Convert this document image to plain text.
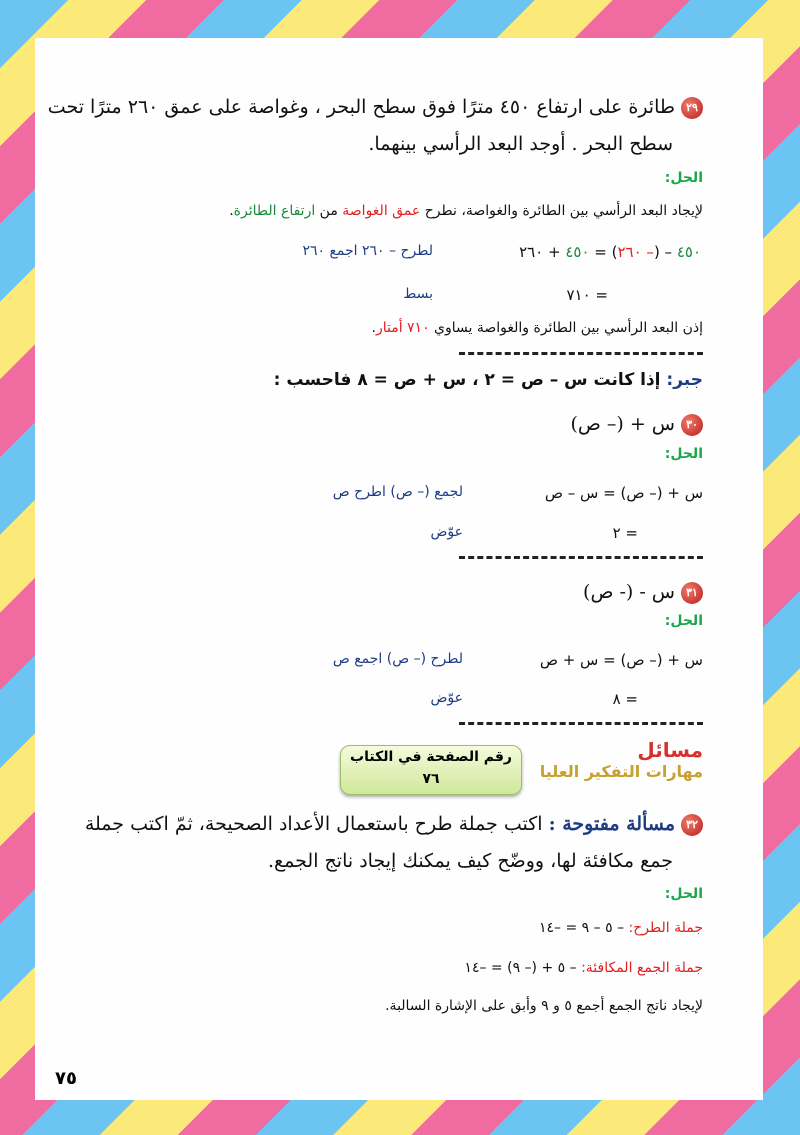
٢٩طائرة على ارتفاع ٤٥٠ مترًا فوق سطح البحر ، وغواصة على عمق ٢٦٠ مترًا تحت
سطح البحر . أوجد البعد الرأسي بينهما.
الحل:
لإيجاد البعد الرأسي بين الطائرة والغواصة، نطرح عمق الغواصة من ارتفاع الطائرة.
٤٥٠ – (– ٢٦٠) = ٤٥٠ + ٢٦٠
لطرح – ٢٦٠ اجمع ٢٦٠
= ٧١٠
بسط
إذن البعد الرأسي بين الطائرة والغواصة يساوي ٧١٠ أمتار.
جبر: إذا كانت س – ص = ٢ ، س + ص = ٨ فاحسب :
٣٠س + (– ص)
الحل:
س + (– ص) = س – ص
لجمع (– ص) اطرح ص
= ٢
عوّض
٣١س - (- ص)
الحل:
س + (– ص) = س + ص
لطرح (– ص) اجمع ص
= ٨
عوّض
مسائل
مهارات التفكير العليا
رقم الصفحة في الكتاب
٧٦
٣٢مسألة مفتوحة : اكتب جملة طرح باستعمال الأعداد الصحيحة، ثمّ اكتب جملة
جمع مكافئة لها، ووضّح كيف يمكنك إيجاد ناتج الجمع.
الحل:
جملة الطرح: – ٥ – ٩ = –١٤
جملة الجمع المكافئة: – ٥ + (– ٩) = –١٤
لإيجاد ناتج الجمع أجمع ٥ و ٩ وأبق على الإشارة السالبة.
٧٥
